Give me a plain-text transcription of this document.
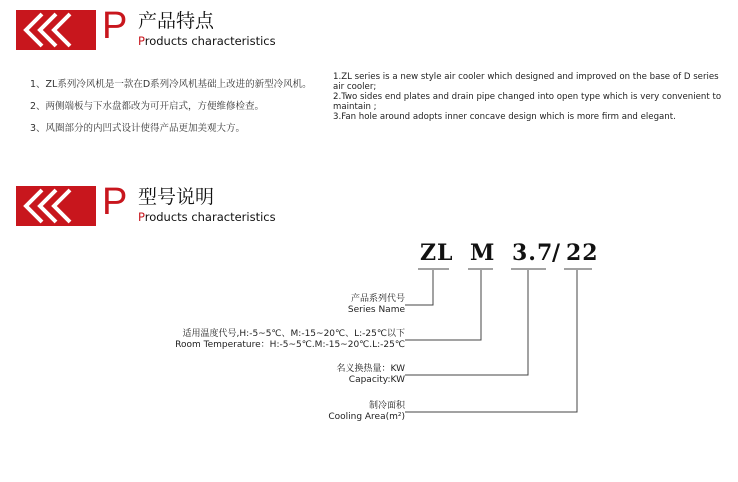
P 产品特点
Products characteristics
1、ZL系列冷风机是一款在D系列冷风机基础上改进的新型冷风机。
2、两侧端板与下水盘都改为可开启式，方便维修检查。
3、风圈部分的内凹式设计使得产品更加美观大方。

1.ZL series is a new style air cooler which designed and improved on the base of D series air cooler;

2.Two sides end plates and drain pipe changed into open type which is very convenient to maintain ;

3.Fan hole around adopts inner concave design which is more firm and elegant.

P 型号说明
Products characteristics
ZL M 3.7
/ 22
产品系列代号
Series Name
适用温度代号,H:-5~5℃、M:-15~20℃、L:-25℃以下
Room Temperature：H:-5~5℃.M:-15~20℃.L:-25℃
名义换热量：KW
Capacity:KW
制冷面积
Cooling Area(m²)
